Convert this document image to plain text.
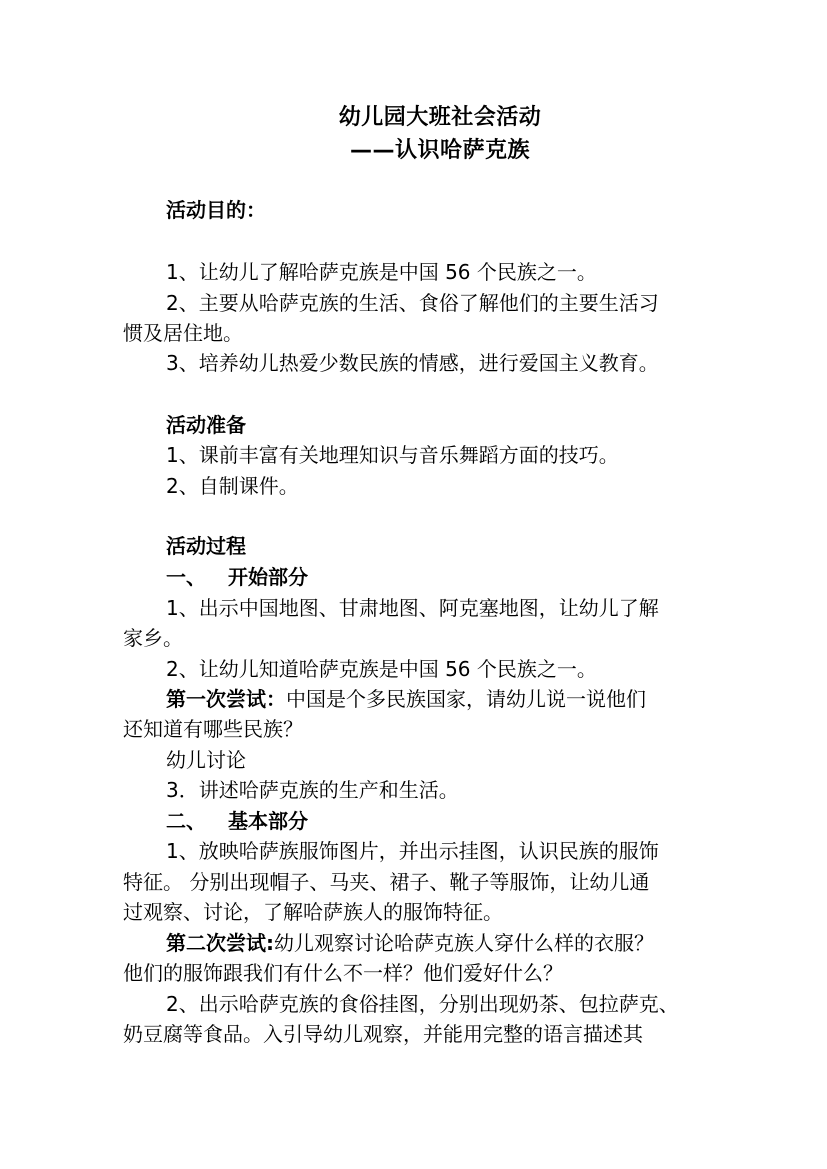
幼儿园大班社会活动
——认识哈萨克族
活动目的：
1、让幼儿了解哈萨克族是中国 56 个民族之一。
2、主要从哈萨克族的生活、食俗了解他们的主要生活习
惯及居住地。
3、培养幼儿热爱少数民族的情感，进行爱国主义教育。
活动准备
1、课前丰富有关地理知识与音乐舞蹈方面的技巧。
2、自制课件。
活动过程
一、 开始部分
1、出示中国地图、甘肃地图、阿克塞地图，让幼儿了解
家乡。
2、让幼儿知道哈萨克族是中国 56 个民族之一。
第一次尝试：中国是个多民族国家，请幼儿说一说他们
还知道有哪些民族？
幼儿讨论
3．讲述哈萨克族的生产和生活。
二、 基本部分
1、放映哈萨族服饰图片，并出示挂图，认识民族的服饰
特征。 分别出现帽子、马夹、裙子、靴子等服饰，让幼儿通
过观察、讨论，了解哈萨族人的服饰特征。
第二次尝试:幼儿观察讨论哈萨克族人穿什么样的衣服？
他们的服饰跟我们有什么不一样？他们爱好什么？
2、出示哈萨克族的食俗挂图，分别出现奶茶、包拉萨克、
奶豆腐等食品。入引导幼儿观察，并能用完整的语言描述其
